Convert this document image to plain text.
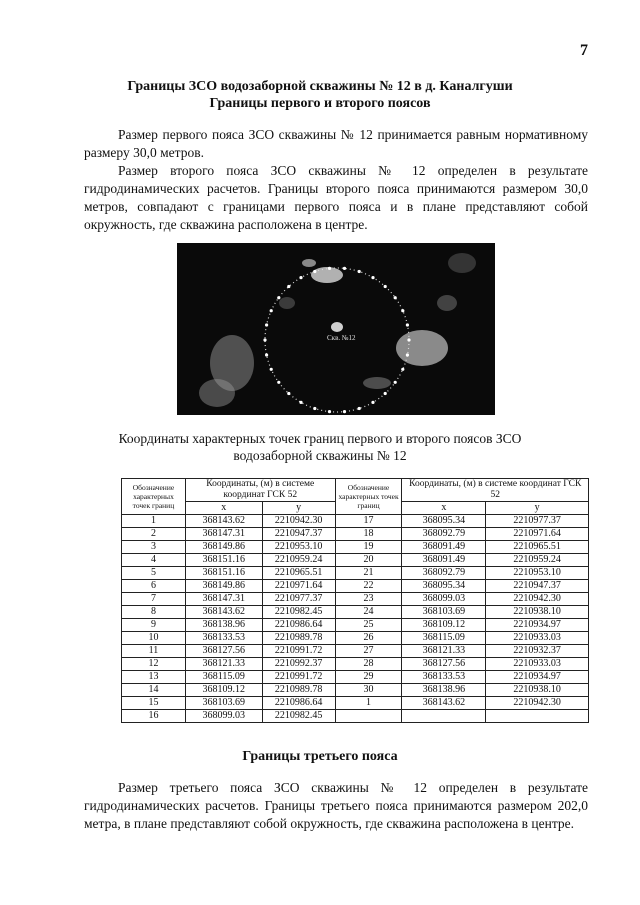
7
Границы ЗСО водозаборной скважины № 12 в д. Каналгуши
Границы первого и второго поясов
Размер первого пояса ЗСО скважины № 12 принимается равным нормативному размеру 30,0 метров.
Размер второго пояса ЗСО скважины № 12 определен в результате гидродинамических расчетов. Границы второго пояса принимаются размером 30,0 метров, совпадают с границами первого пояса и в плане представляют собой окружность, где скважина расположена в центре.
Скв. №12
Координаты характерных точек границ первого и второго поясов ЗСО
водозаборной скважины № 12
Обозначение характерных точек границ	Координаты, (м) в системе координат ГСК 52		Обозначение характерных точек границ	Координаты, (м) в системе координат ГСК 52	
	x	y		x	y
1	368143.62	2210942.30	17	368095.34	2210977.37
2	368147.31	2210947.37	18	368092.79	2210971.64
3	368149.86	2210953.10	19	368091.49	2210965.51
4	368151.16	2210959.24	20	368091.49	2210959.24
5	368151.16	2210965.51	21	368092.79	2210953.10
6	368149.86	2210971.64	22	368095.34	2210947.37
7	368147.31	2210977.37	23	368099.03	2210942.30
8	368143.62	2210982.45	24	368103.69	2210938.10
9	368138.96	2210986.64	25	368109.12	2210934.97
10	368133.53	2210989.78	26	368115.09	2210933.03
11	368127.56	2210991.72	27	368121.33	2210932.37
12	368121.33	2210992.37	28	368127.56	2210933.03
13	368115.09	2210991.72	29	368133.53	2210934.97
14	368109.12	2210989.78	30	368138.96	2210938.10
15	368103.69	2210986.64	1	368143.62	2210942.30
16	368099.03	2210982.45			
Границы третьего пояса
Размер третьего пояса ЗСО скважины № 12 определен в результате гидродинамических расчетов. Границы третьего пояса принимаются размером 202,0 метра, в плане представляют собой окружность, где скважина расположена в центре.
